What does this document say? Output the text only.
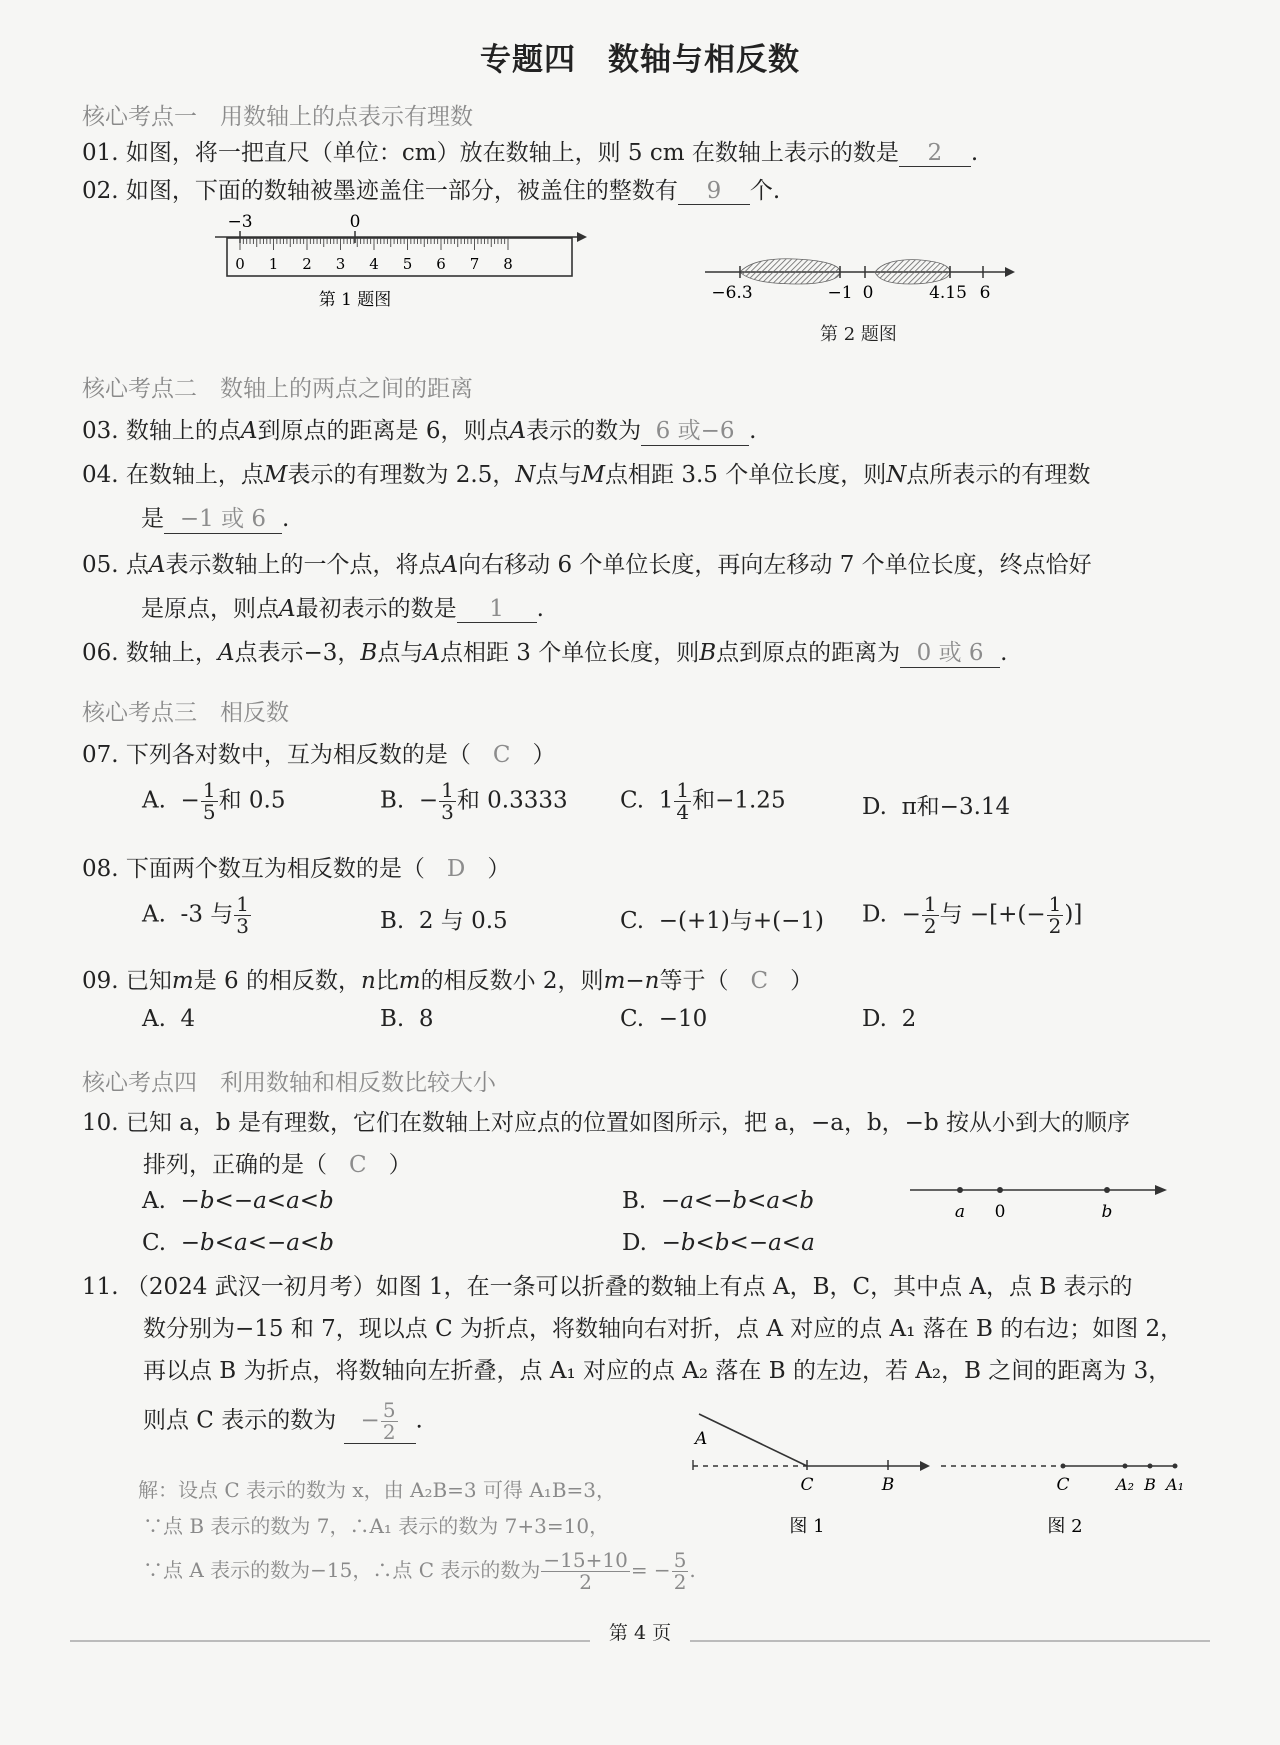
专题四　数轴与相反数
核心考点一　用数轴上的点表示有理数
01. 如图，将一把直尺（单位：cm）放在数轴上，则 5 cm 在数轴上表示的数是 2 .
02. 如图，下面的数轴被墨迹盖住一部分，被盖住的整数有 9 个.
−3	0
0 1 2 3 4 5 6 7 8
第 1 题图	−6.3	−1 0	4.15 6
第 2 题图
核心考点二　数轴上的两点之间的距离
03. 数轴上的点A到原点的距离是 6，则点A表示的数为 6 或−6 .
04. 在数轴上，点M表示的有理数为 2.5，N点与M点相距 3.5 个单位长度，则N点所表示的有理数
是 −1 或 6 .
05. 点A表示数轴上的一个点，将点A向右移动 6 个单位长度，再向左移动 7 个单位长度，终点恰好
是原点，则点A最初表示的数是 1 .
06. 数轴上，A点表示−3，B点与A点相距 3 个单位长度，则B点到原点的距离为 0 或 6 .
核心考点三　相反数
07. 下列各对数中，互为相反数的是（ C ）
A. − $\frac{1}{5}$ 和 0.5	B. − $\frac{1}{3}$ 和 0.3333 C. $1 \frac{1}{4}$ 和−1.25	D. π和−3.14
08. 下面两个数互为相反数的是（ D ）
A. -3 与 $\frac{1}{3}$	B. 2 与 0.5	C. −(+1)与+(−1) D. − $\frac{1}{2}$ 与 −[+(− $\frac{1}{2}$ )]
09. 已知m是 6 的相反数，n比m的相反数小 2，则m−n等于（ C ）
A. 4	B. 8	C. −10	D. 2
核心考点四　利用数轴和相反数比较大小
10. 已知 a，b 是有理数，它们在数轴上对应点的位置如图所示，把 a，−a，b，−b 按从小到大的顺序
排列，正确的是（ C ）
A. −b<−a<a<b	B. −a<−b<a<b
C. −b<a<−a<b	D. −b<b<−a<a
a 0	b
11. （2024 武汉一初月考）如图 1，在一条可以折叠的数轴上有点 A，B，C，其中点 A，点 B 表示的
数分别为−15 和 7，现以点 C 为折点，将数轴向右对折，点 A 对应的点 A₁ 落在 B 的右边；如图 2，
再以点 B 为折点，将数轴向左折叠，点 A₁ 对应的点 A₂ 落在 B 的左边，若 A₂，B 之间的距离为 3，
则点 C 表示的数为 − $\frac{5}{2}$ .
解：设点 C 表示的数为 x，由 A₂B=3 可得 A₁B=3，
∵点 B 表示的数为 7，∴A₁ 表示的数为 7+3=10，
∵点 A 表示的数为−15，∴点 C 表示的数为 $\frac{-15+10}{2}$ = − $\frac{5}{2}$ .
A
C	B
图 1
C	A₂ B A₁
图 2
第 4 页
